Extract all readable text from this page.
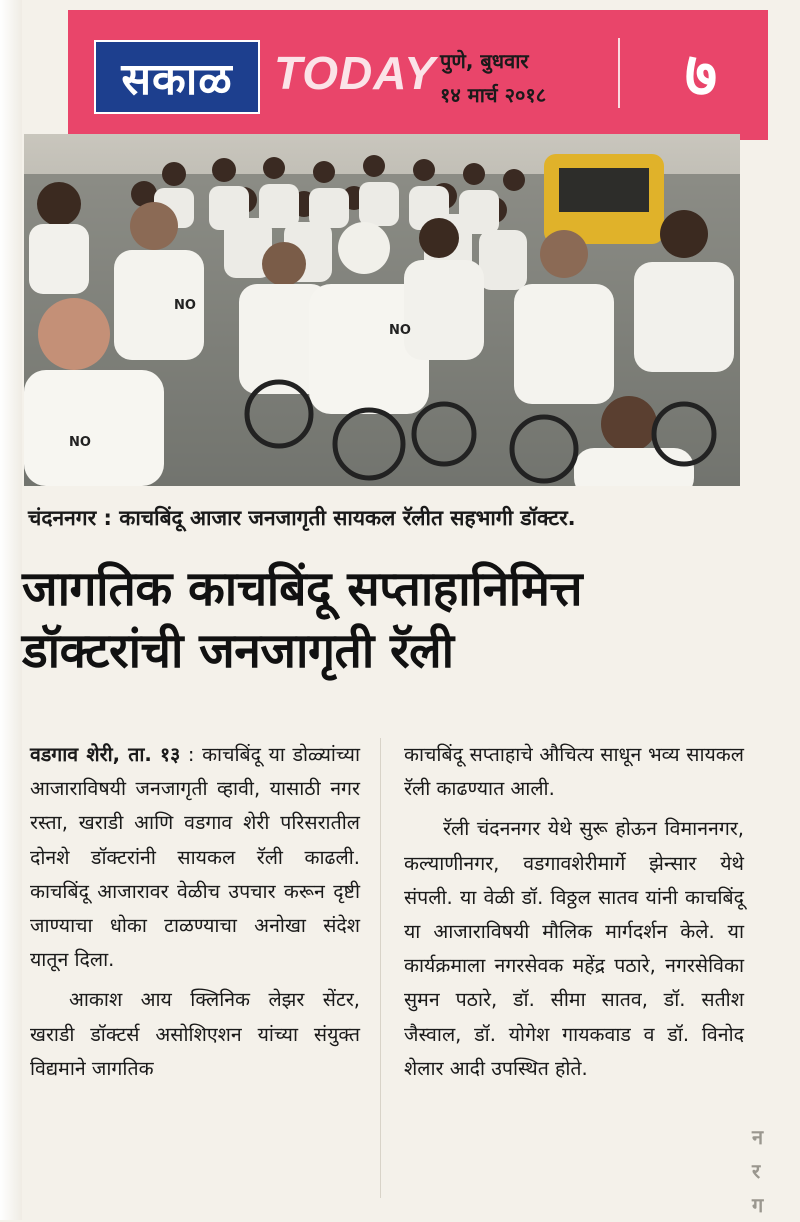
सकाळ TODAY पुणे, बुधवार
१४ मार्च २०१८	७
NO
NO
NO
चंदननगर : काचबिंदू आजार जनजागृती सायकल रॅलीत सहभागी डॉक्टर.
जागतिक काचबिंदू सप्ताहानिमित्त
डॉक्टरांची जनजागृती रॅली

वडगाव शेरी, ता. १३ : काचबिंदू या डोळ्यांच्या आजाराविषयी जनजागृती व्हावी, यासाठी नगर रस्ता, खराडी आणि वडगाव शेरी परिसरातील दोनशे डॉक्टरांनी सायकल रॅली काढली. काचबिंदू आजारावर वेळीच उपचार करून दृष्टी जाण्याचा धोका टाळण्याचा अनोखा संदेश यातून दिला.

आकाश आय क्लिनिक लेझर सेंटर, खराडी डॉक्टर्स असोशिएशन यांच्या संयुक्त विद्यमाने जागतिक

काचबिंदू सप्ताहाचे औचित्य साधून भव्य सायकल रॅली काढण्यात आली.

रॅली चंदननगर येथे सुरू होऊन विमाननगर, कल्याणीनगर, वडगावशेरीमार्गे झेन्सार येथे संपली. या वेळी डॉ. विठ्ठल सातव यांनी काचबिंदू या आजाराविषयी मौलिक मार्गदर्शन केले. या कार्यक्रमाला नगरसेवक महेंद्र पठारे, नगरसेविका सुमन पठारे, डॉ. सीमा सातव, डॉ. सतीश जैस्वाल, डॉ. योगेश गायकवाड व डॉ. विनोद शेलार आदी उपस्थित होते.

न
र
ग
